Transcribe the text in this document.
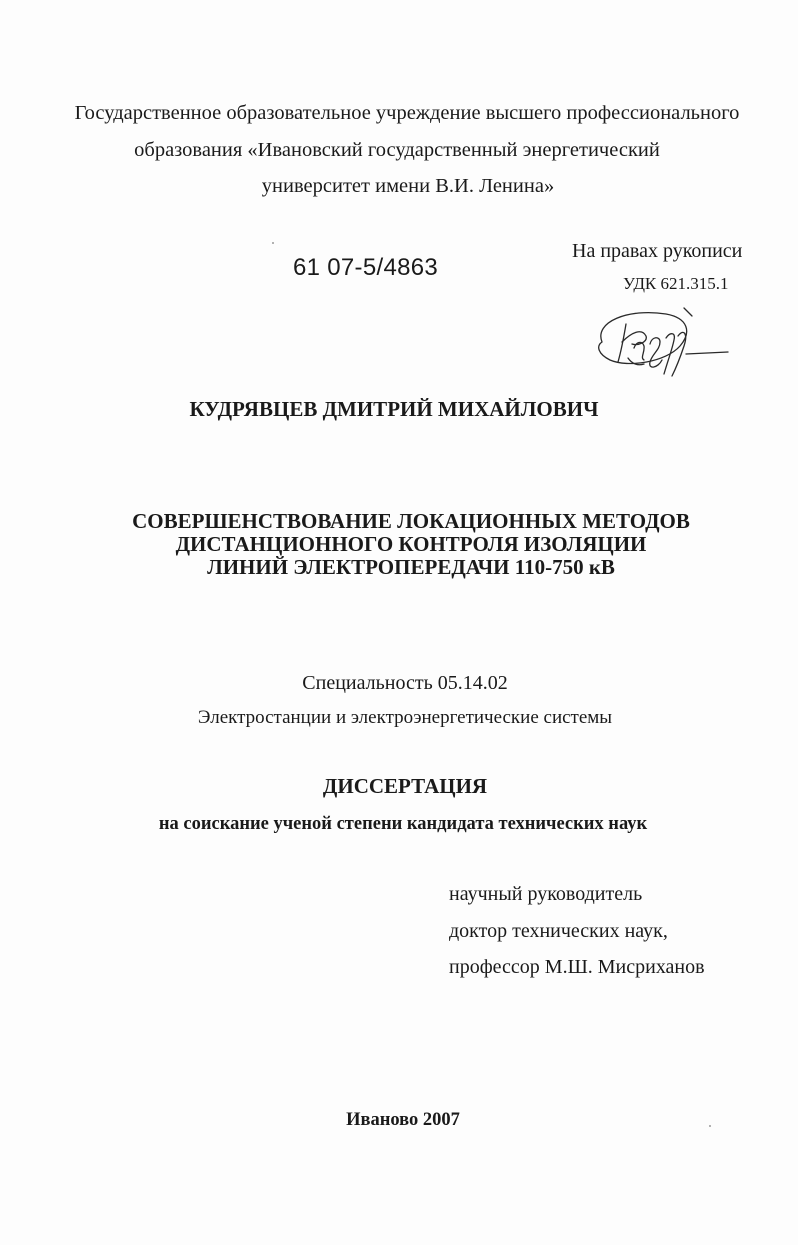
Государственное образовательное учреждение высшего профессионального
образования «Ивановский государственный энергетический
университет имени В.И. Ленина»
61 07-5/4863
На правах рукописи
УДК 621.315.1
КУДРЯВЦЕВ ДМИТРИЙ МИХАЙЛОВИЧ
СОВЕРШЕНСТВОВАНИЕ ЛОКАЦИОННЫХ МЕТОДОВ
ДИСТАНЦИОННОГО КОНТРОЛЯ ИЗОЛЯЦИИ
ЛИНИЙ ЭЛЕКТРОПЕРЕДАЧИ 110-750 кВ
Специальность 05.14.02
Электростанции и электроэнергетические системы
ДИССЕРТАЦИЯ
на соискание ученой степени кандидата технических наук
научный руководитель
доктор технических наук,
профессор М.Ш. Мисриханов
Иваново 2007
